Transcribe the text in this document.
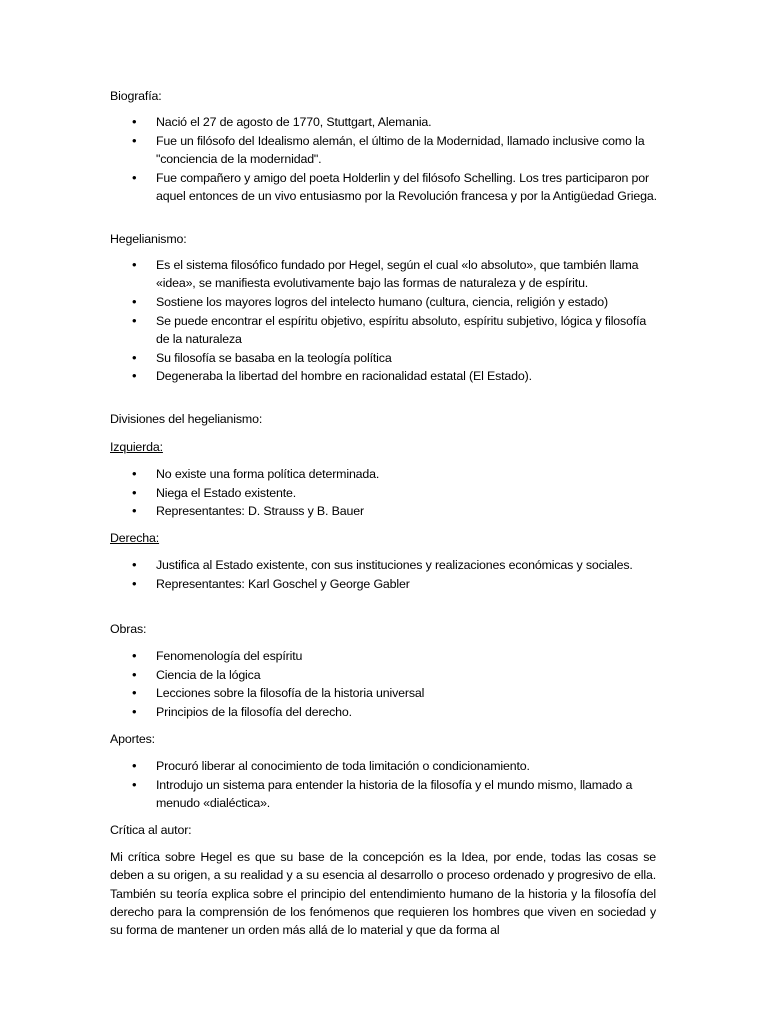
Biografía:
• Nació el 27 de agosto de 1770, Stuttgart, Alemania.
• Fue un filósofo del Idealismo alemán, el último de la Modernidad, llamado inclusive como la "conciencia de la modernidad".
• Fue compañero y amigo del poeta Holderlin y del filósofo Schelling. Los tres participaron por aquel entonces de un vivo entusiasmo por la Revolución francesa y por la Antigüedad Griega.
Hegelianismo:
• Es el sistema filosófico fundado por Hegel, según el cual «lo absoluto», que también llama «idea», se manifiesta evolutivamente bajo las formas de naturaleza y de espíritu.
• Sostiene los mayores logros del intelecto humano (cultura, ciencia, religión y estado)
• Se puede encontrar el espíritu objetivo, espíritu absoluto, espíritu subjetivo, lógica y filosofía de la naturaleza
• Su filosofía se basaba en la teología política
• Degeneraba la libertad del hombre en racionalidad estatal (El Estado).
Divisiones del hegelianismo:
Izquierda:
• No existe una forma política determinada.
• Niega el Estado existente.
• Representantes: D. Strauss y B. Bauer
Derecha:
• Justifica al Estado existente, con sus instituciones y realizaciones económicas y sociales.
• Representantes: Karl Goschel y George Gabler
Obras:
• Fenomenología del espíritu
• Ciencia de la lógica
• Lecciones sobre la filosofía de la historia universal
• Principios de la filosofía del derecho.
Aportes:
• Procuró liberar al conocimiento de toda limitación o condicionamiento.
• Introdujo un sistema para entender la historia de la filosofía y el mundo mismo, llamado a menudo «dialéctica».
Crítica al autor:
Mi crítica sobre Hegel es que su base de la concepción es la Idea, por ende, todas las cosas se deben a su origen, a su realidad y a su esencia al desarrollo o proceso ordenado y progresivo de ella. También su teoría explica sobre el principio del entendimiento humano de la historia y la filosofía del derecho para la comprensión de los fenómenos que requieren los hombres que viven en sociedad y su forma de mantener un orden más allá de lo material y que da forma al
